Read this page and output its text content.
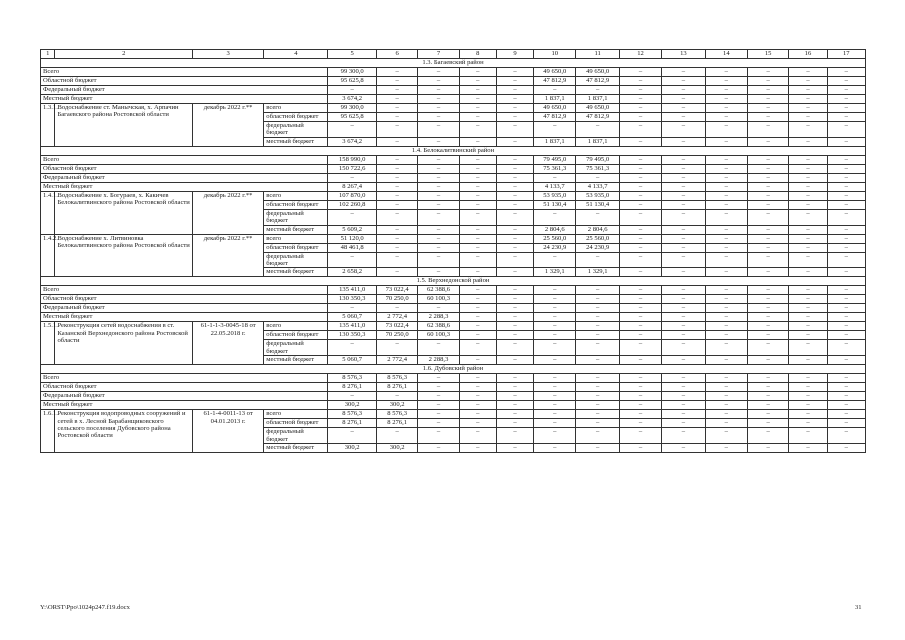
1	2	3	4	5	6	7	8	9	10	11	12	13	14	15	16	17
1.3. Багаевский район																
Всего				99 300,0	–	–	–	–	49 650,0	49 650,0	–	–	–	–	–	–
Областной бюджет				95 625,8	–	–	–	–	47 812,9	47 812,9	–	–	–	–	–	–
Федеральный бюджет				–	–	–	–	–	–	–	–	–	–	–	–	–
Местный бюджет				3 674,2	–	–	–	–	1 837,1	1 837,1	–	–	–	–	–	–
1.3.1.	Водоснабжение ст. Манычская, х. Арпачин Багаевского района Ростовской области	декабрь 2022 г.**	всего	99 300,0	–	–	–	–	49 650,0	49 650,0	–	–	–	–	–	–
			областной бюджет	95 625,8	–	–	–	–	47 812,9	47 812,9	–	–	–	–	–	–
			федеральный бюджет	–	–	–	–	–	–	–	–	–	–	–	–	–
			местный бюджет	3 674,2	–	–	–	–	1 837,1	1 837,1	–	–	–	–	–	–
1.4. Белокалитвинский район																
Всего				158 990,0	–	–	–	–	79 495,0	79 495,0	–	–	–	–	–	–
Областной бюджет				150 722,6	–	–	–	–	75 361,3	75 361,3	–	–	–	–	–	–
Федеральный бюджет				–	–	–	–	–	–	–	–	–	–	–	–	–
Местный бюджет				8 267,4	–	–	–	–	4 133,7	4 133,7	–	–	–	–	–	–
1.4.1.	Водоснабжение х. Богураев, х. Какичев Белокалитвинского района Ростовской области	декабрь 2022 г.**	всего	107 870,0	–	–	–	–	53 935,0	53 935,0	–	–	–	–	–	–
			областной бюджет	102 260,8	–	–	–	–	51 130,4	51 130,4	–	–	–	–	–	–
			федеральный бюджет	–	–	–	–	–	–	–	–	–	–	–	–	–
			местный бюджет	5 609,2	–	–	–	–	2 804,6	2 804,6	–	–	–	–	–	–
1.4.2.	Водоснабжение х. Литвиновка Белокалитвинского района Ростовской области	декабрь 2022 г.**	всего	51 120,0	–	–	–	–	25 560,0	25 560,0	–	–	–	–	–	–
			областной бюджет	48 461,8	–	–	–	–	24 230,9	24 230,9	–	–	–	–	–	–
			федеральный бюджет	–	–	–	–	–	–	–	–	–	–	–	–	–
			местный бюджет	2 658,2	–	–	–	–	1 329,1	1 329,1	–	–	–	–	–	–
1.5. Верхнедонской район																
Всего				135 411,0	73 022,4	62 388,6	–	–	–	–	–	–	–	–	–	–
Областной бюджет				130 350,3	70 250,0	60 100,3	–	–	–	–	–	–	–	–	–	–
Федеральный бюджет				–	–	–	–	–	–	–	–	–	–	–	–	–
Местный бюджет				5 060,7	2 772,4	2 288,3	–	–	–	–	–	–	–	–	–	–
1.5.1.	Реконструкция сетей водоснабжения в ст. Казанской Верхнедонского района Ростовской области	61-1-1-3-0045-18 от 22.05.2018 г.	всего	135 411,0	73 022,4	62 388,6	–	–	–	–	–	–	–	–	–	–
			областной бюджет	130 350,3	70 250,0	60 100,3	–	–	–	–	–	–	–	–	–	–
			федеральный бюджет	–	–	–	–	–	–	–	–	–	–	–	–	–
			местный бюджет	5 060,7	2 772,4	2 288,3	–	–	–	–	–	–	–	–	–	–
1.6. Дубовский район																
Всего				8 576,3	8 576,3	–	–	–	–	–	–	–	–	–	–	–
Областной бюджет				8 276,1	8 276,1	–	–	–	–	–	–	–	–	–	–	–
Федеральный бюджет				–	–	–	–	–	–	–	–	–	–	–	–	–
Местный бюджет				300,2	300,2	–	–	–	–	–	–	–	–	–	–	–
1.6.1.	Реконструкция водопроводных сооружений и сетей в х. Лесной Барабанщиковского сельского поселения Дубовского района Ростовской области	61-1-4-0011-13 от 04.01.2013 г.	всего	8 576,3	8 576,3	–	–	–	–	–	–	–	–	–	–	–
			областной бюджет	8 276,1	8 276,1	–	–	–	–	–	–	–	–	–	–	–
			федеральный бюджет	–	–	–	–	–	–	–	–	–	–	–	–	–
			местный бюджет	300,2	300,2	–	–	–	–	–	–	–	–	–	–	–
Y:\ORST\Ppo\1024p247.f19.docx	31
